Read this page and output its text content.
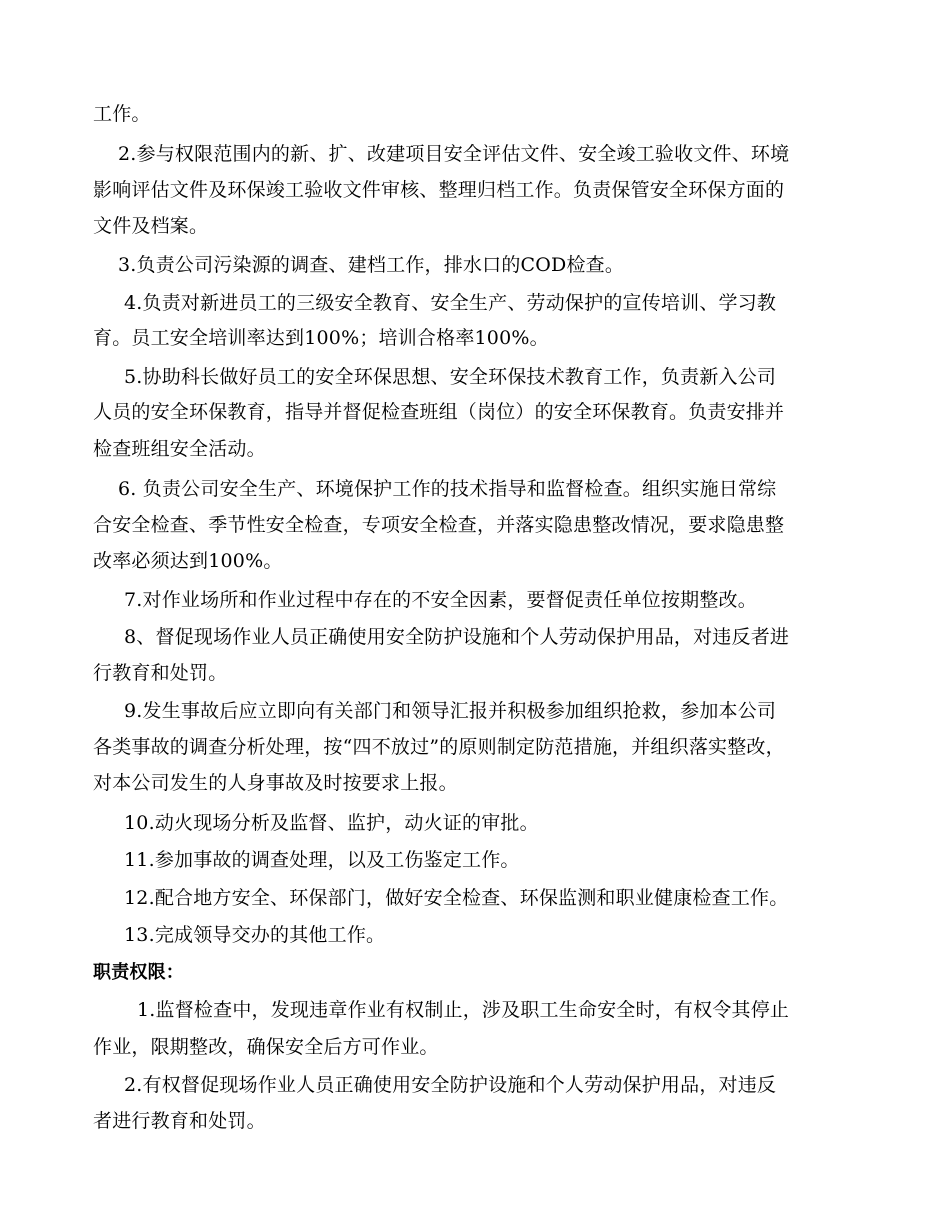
工作。
2.参与权限范围内的新、扩、改建项目安全评估文件、安全竣工验收文件、环境
影响评估文件及环保竣工验收文件审核、整理归档工作。负责保管安全环保方面的
文件及档案。
3.负责公司污染源的调查、建档工作，排水口的COD检查。
4.负责对新进员工的三级安全教育、安全生产、劳动保护的宣传培训、学习教
育。员工安全培训率达到100%；培训合格率100%。
5.协助科长做好员工的安全环保思想、安全环保技术教育工作，负责新入公司
人员的安全环保教育，指导并督促检查班组（岗位）的安全环保教育。负责安排并
检查班组安全活动。
6. 负责公司安全生产、环境保护工作的技术指导和监督检查。组织实施日常综
合安全检查、季节性安全检查，专项安全检查，并落实隐患整改情况，要求隐患整
改率必须达到100%。
7.对作业场所和作业过程中存在的不安全因素，要督促责任单位按期整改。
8、督促现场作业人员正确使用安全防护设施和个人劳动保护用品，对违反者进
行教育和处罚。
9.发生事故后应立即向有关部门和领导汇报并积极参加组织抢救，参加本公司
各类事故的调查分析处理，按“四不放过”的原则制定防范措施，并组织落实整改，
对本公司发生的人身事故及时按要求上报。
10.动火现场分析及监督、监护，动火证的审批。
11.参加事故的调查处理，以及工伤鉴定工作。
12.配合地方安全、环保部门，做好安全检查、环保监测和职业健康检查工作。
13.完成领导交办的其他工作。
职责权限：
1.监督检查中，发现违章作业有权制止，涉及职工生命安全时，有权令其停止
作业，限期整改，确保安全后方可作业。
2.有权督促现场作业人员正确使用安全防护设施和个人劳动保护用品，对违反
者进行教育和处罚。
